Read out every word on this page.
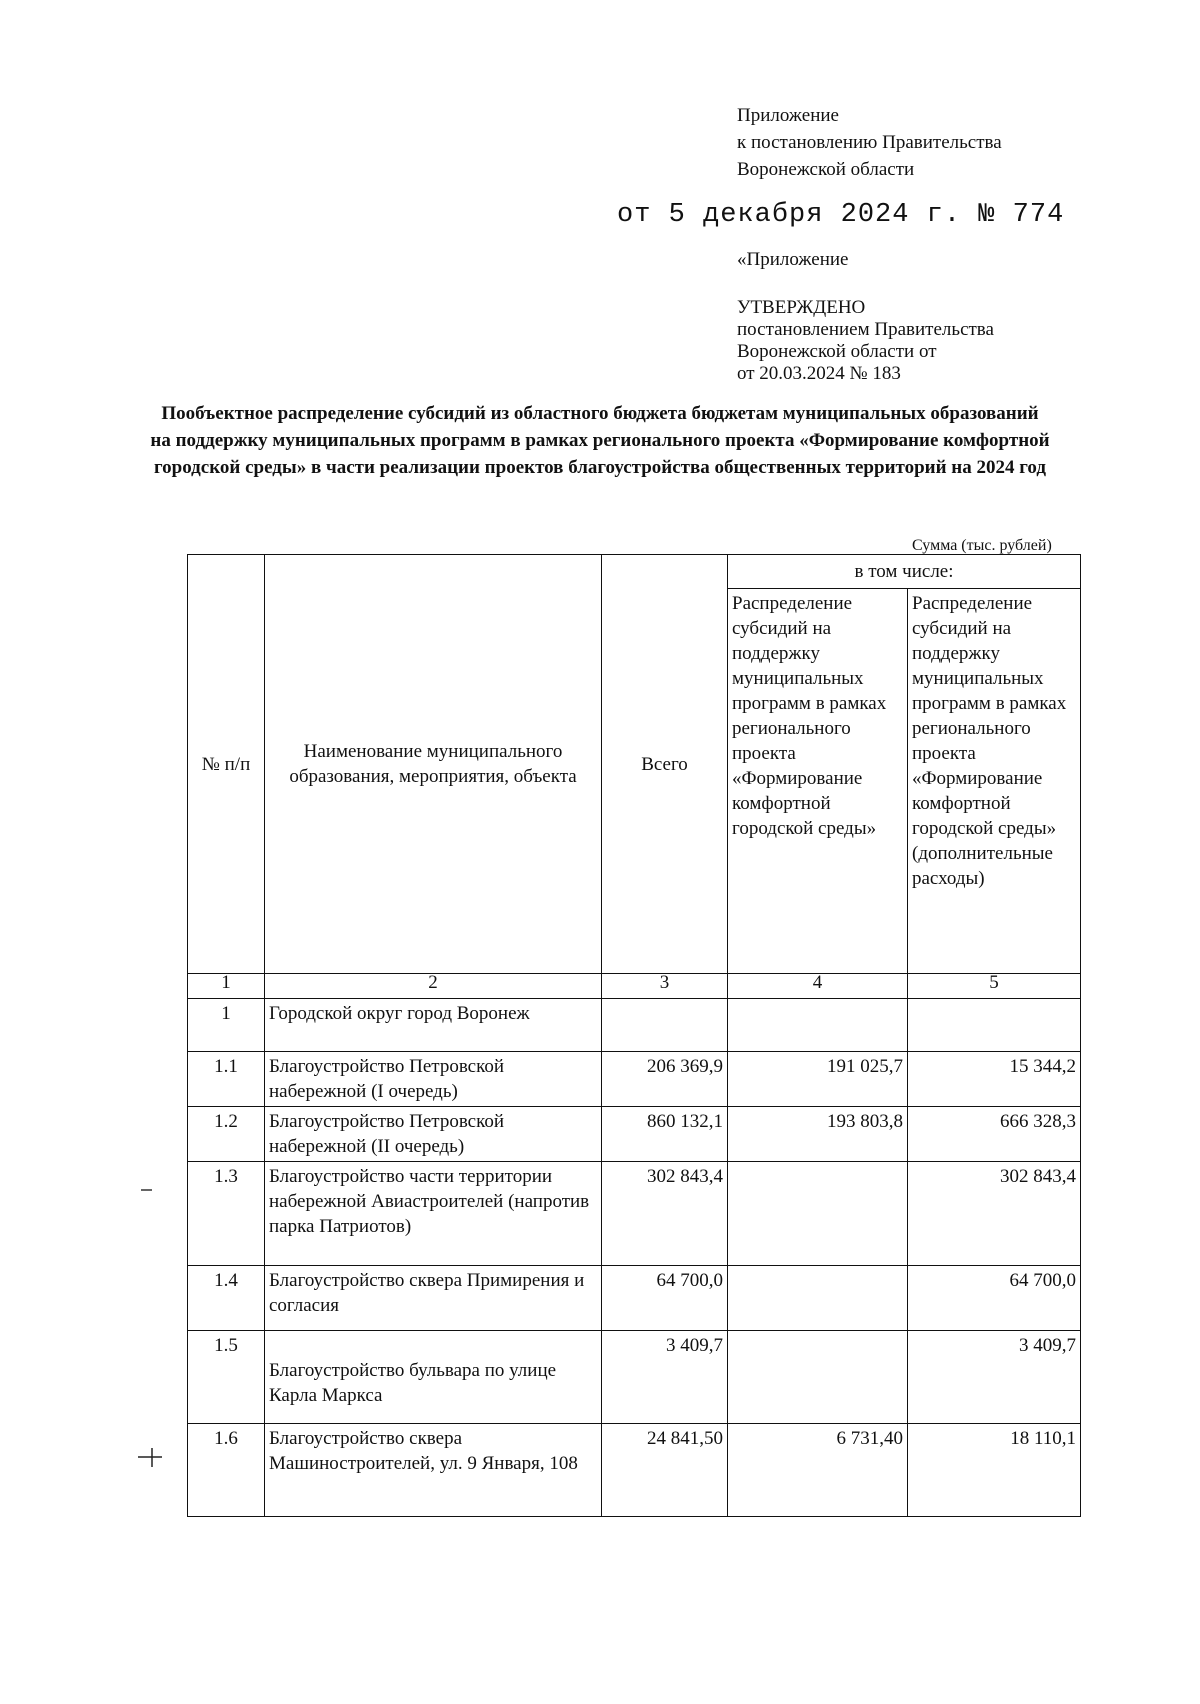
Приложение
к постановлению Правительства
Воронежской области
от 5 декабря 2024 г. № 774
«Приложение
УТВЕРЖДЕНО
постановлением Правительства
Воронежской области от
от 20.03.2024 № 183
Пообъектное распределение субсидий из областного бюджета бюджетам муниципальных образований на поддержку муниципальных программ в рамках регионального проекта «Формирование комфортной городской среды» в части реализации проектов благоустройства общественных территорий на 2024 год
Сумма (тыс. рублей)
№ п/п	Наименование муниципального образования, мероприятия, объекта	Всего	в том числе:	
			Распределение субсидий на поддержку муниципальных программ в рамках регионального проекта «Формирование комфортной городской среды»	Распределение субсидий на поддержку муниципальных программ в рамках регионального проекта «Формирование комфортной городской среды» (дополнительные расходы)
1	2	3	4	5
1	Городской округ город Воронеж			
1.1	Благоустройство Петровской набережной (I очередь)	206 369,9	191 025,7	15 344,2
1.2	Благоустройство Петровской набережной (II очередь)	860 132,1	193 803,8	666 328,3
1.3	Благоустройство части территории набережной Авиастроителей (напротив парка Патриотов)	302 843,4		302 843,4
1.4	Благоустройство сквера Примирения и согласия	64 700,0		64 700,0
1.5	Благоустройство бульвара по улице Карла Маркса	3 409,7		3 409,7
1.6	Благоустройство сквера Машиностроителей, ул. 9 Января, 108	24 841,50	6 731,40	18 110,1
